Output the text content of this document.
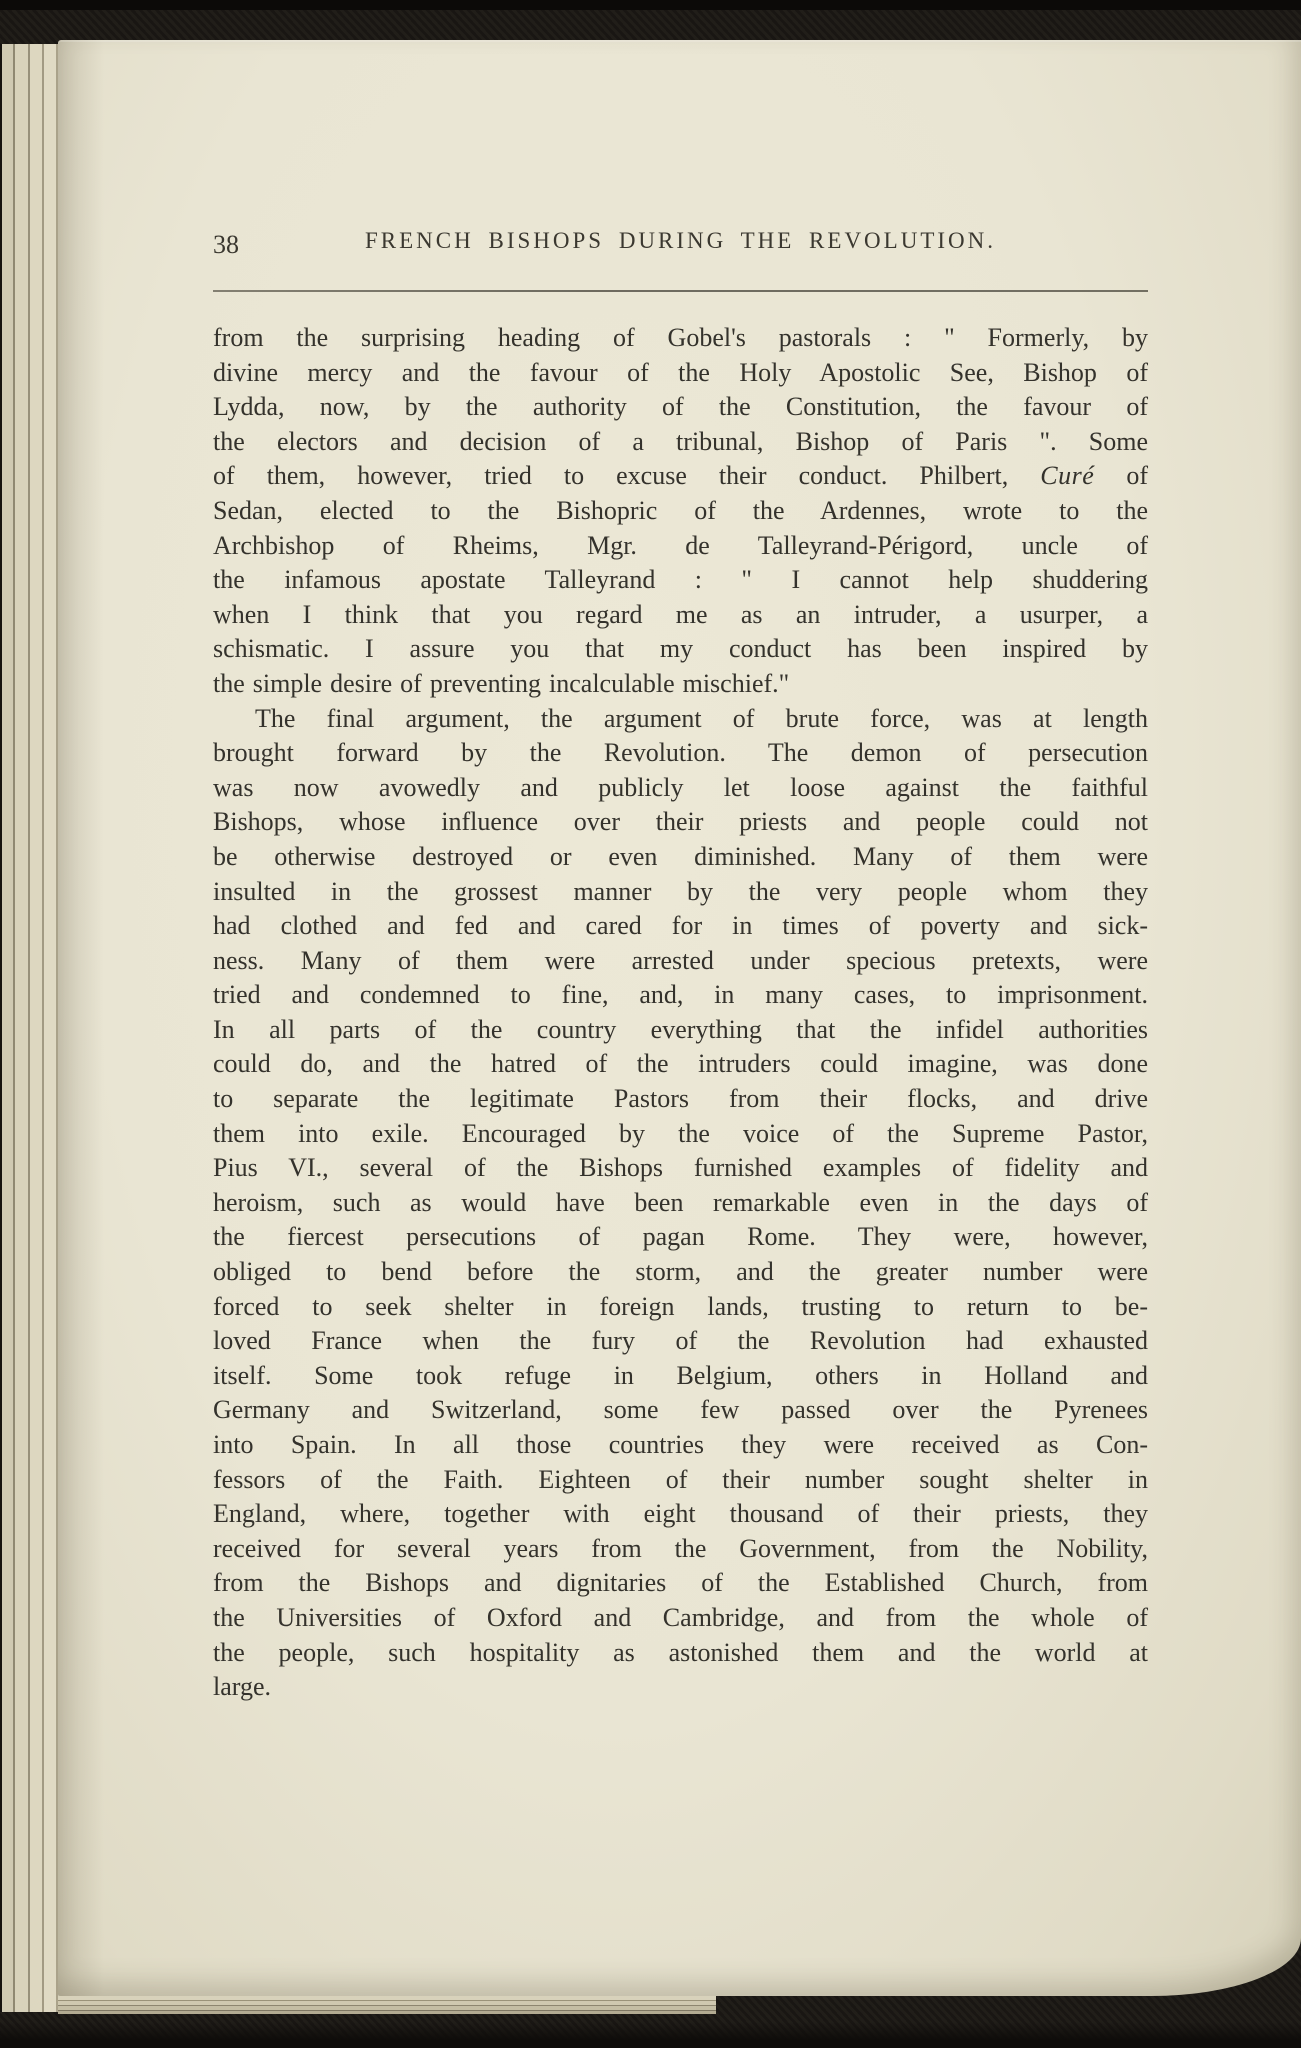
38	FRENCH BISHOPS DURING THE REVOLUTION.
from the surprising heading of Gobel's pastorals : " Formerly, by
divine mercy and the favour of the Holy Apostolic See, Bishop of
Lydda, now, by the authority of the Constitution, the favour of
the electors and decision of a tribunal, Bishop of Paris ". Some
of them, however, tried to excuse their conduct. Philbert, Curé of
Sedan, elected to the Bishopric of the Ardennes, wrote to the
Archbishop of Rheims, Mgr. de Talleyrand-Périgord, uncle of
the infamous apostate Talleyrand : " I cannot help shuddering
when I think that you regard me as an intruder, a usurper, a
schismatic. I assure you that my conduct has been inspired by
the simple desire of preventing incalculable mischief."
The final argument, the argument of brute force, was at length
brought forward by the Revolution. The demon of persecution
was now avowedly and publicly let loose against the faithful
Bishops, whose influence over their priests and people could not
be otherwise destroyed or even diminished. Many of them were
insulted in the grossest manner by the very people whom they
had clothed and fed and cared for in times of poverty and sick-
ness. Many of them were arrested under specious pretexts, were
tried and condemned to fine, and, in many cases, to imprisonment.
In all parts of the country everything that the infidel authorities
could do, and the hatred of the intruders could imagine, was done
to separate the legitimate Pastors from their flocks, and drive
them into exile. Encouraged by the voice of the Supreme Pastor,
Pius VI., several of the Bishops furnished examples of fidelity and
heroism, such as would have been remarkable even in the days of
the fiercest persecutions of pagan Rome. They were, however,
obliged to bend before the storm, and the greater number were
forced to seek shelter in foreign lands, trusting to return to be-
loved France when the fury of the Revolution had exhausted
itself. Some took refuge in Belgium, others in Holland and
Germany and Switzerland, some few passed over the Pyrenees
into Spain. In all those countries they were received as Con-
fessors of the Faith. Eighteen of their number sought shelter in
England, where, together with eight thousand of their priests, they
received for several years from the Government, from the Nobility,
from the Bishops and dignitaries of the Established Church, from
the Universities of Oxford and Cambridge, and from the whole of
the people, such hospitality as astonished them and the world at
large.
